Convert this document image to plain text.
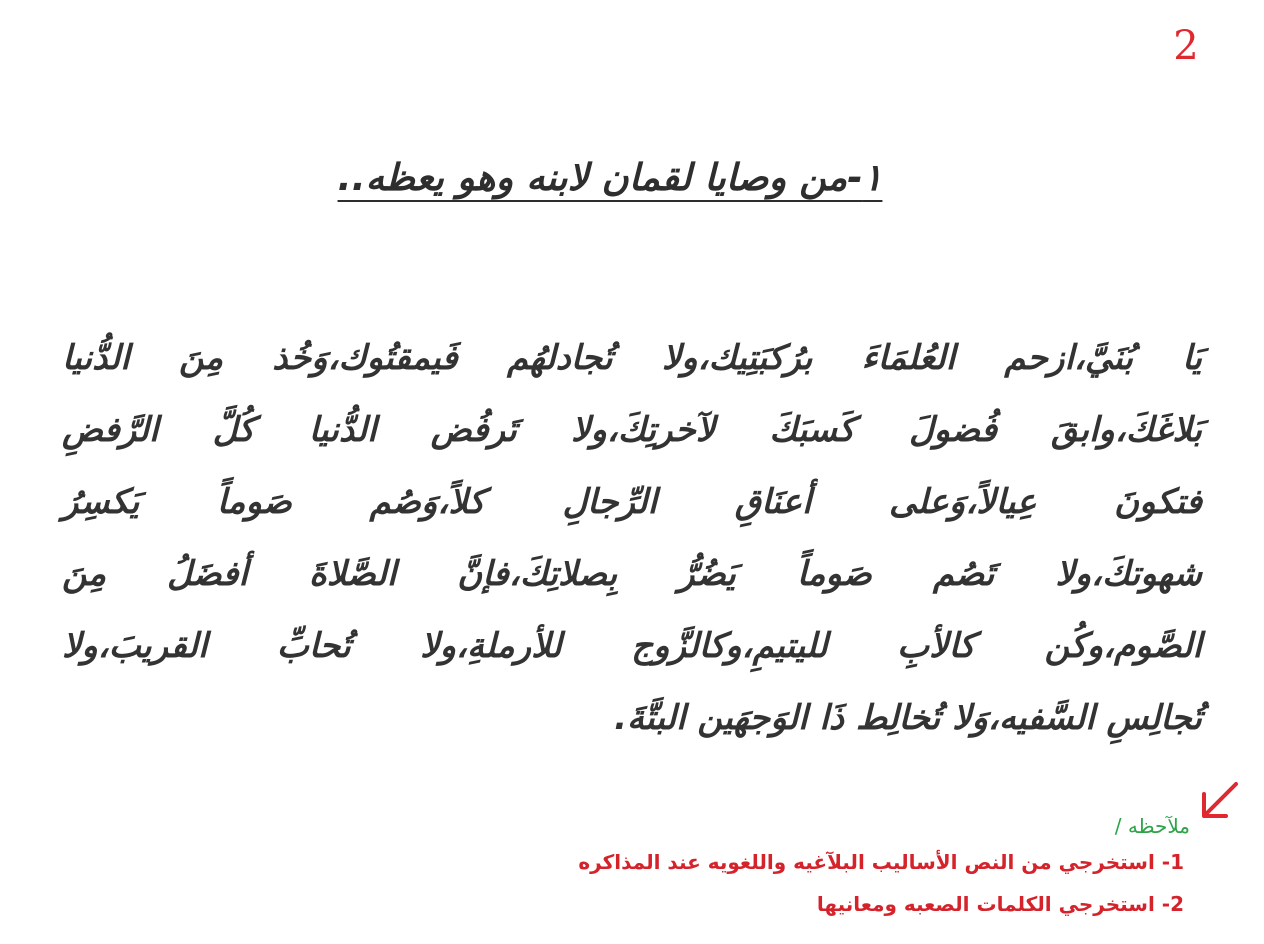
2
١-من وصايا لقمان لابنه وهو يعظه..
يَا بُنَيَّ،ازحم العُلمَاءَ برُكبَتِيك،ولا تُجادلهُم فَيمقتُوك،وَخُذ مِنَ الدُّنيا
بَلاغَكَ،وابقَ فُضولَ كَسبَكَ لآخرتِكَ،ولا تَرفُض الدُّنيا كُلَّ الرَّفضِ
فتكونَ عِيالاً،وَعلى أعنَاقِ الرِّجالِ كلاً،وَصُم صَوماً يَكسِرُ
شهوتكَ،ولا تَصُم صَوماً يَضُرُّ بِصلاتِكَ،فإنَّ الصَّلاةَ أفضَلُ مِنَ
الصَّوم،وكُن كالأبِ لليتيمِ،وكالزَّوج للأرملةِ،ولا تُحابِّ القريبَ،ولا
تُجالِسِ السَّفيه،وَلا تُخالِط ذَا الوَجهَين البتَّةَ.
ملآحظه /
1- استخرجي من النص الأساليب البلآغيه واللغويه عند المذاكره
2- استخرجي الكلمات الصعبه ومعانيها
